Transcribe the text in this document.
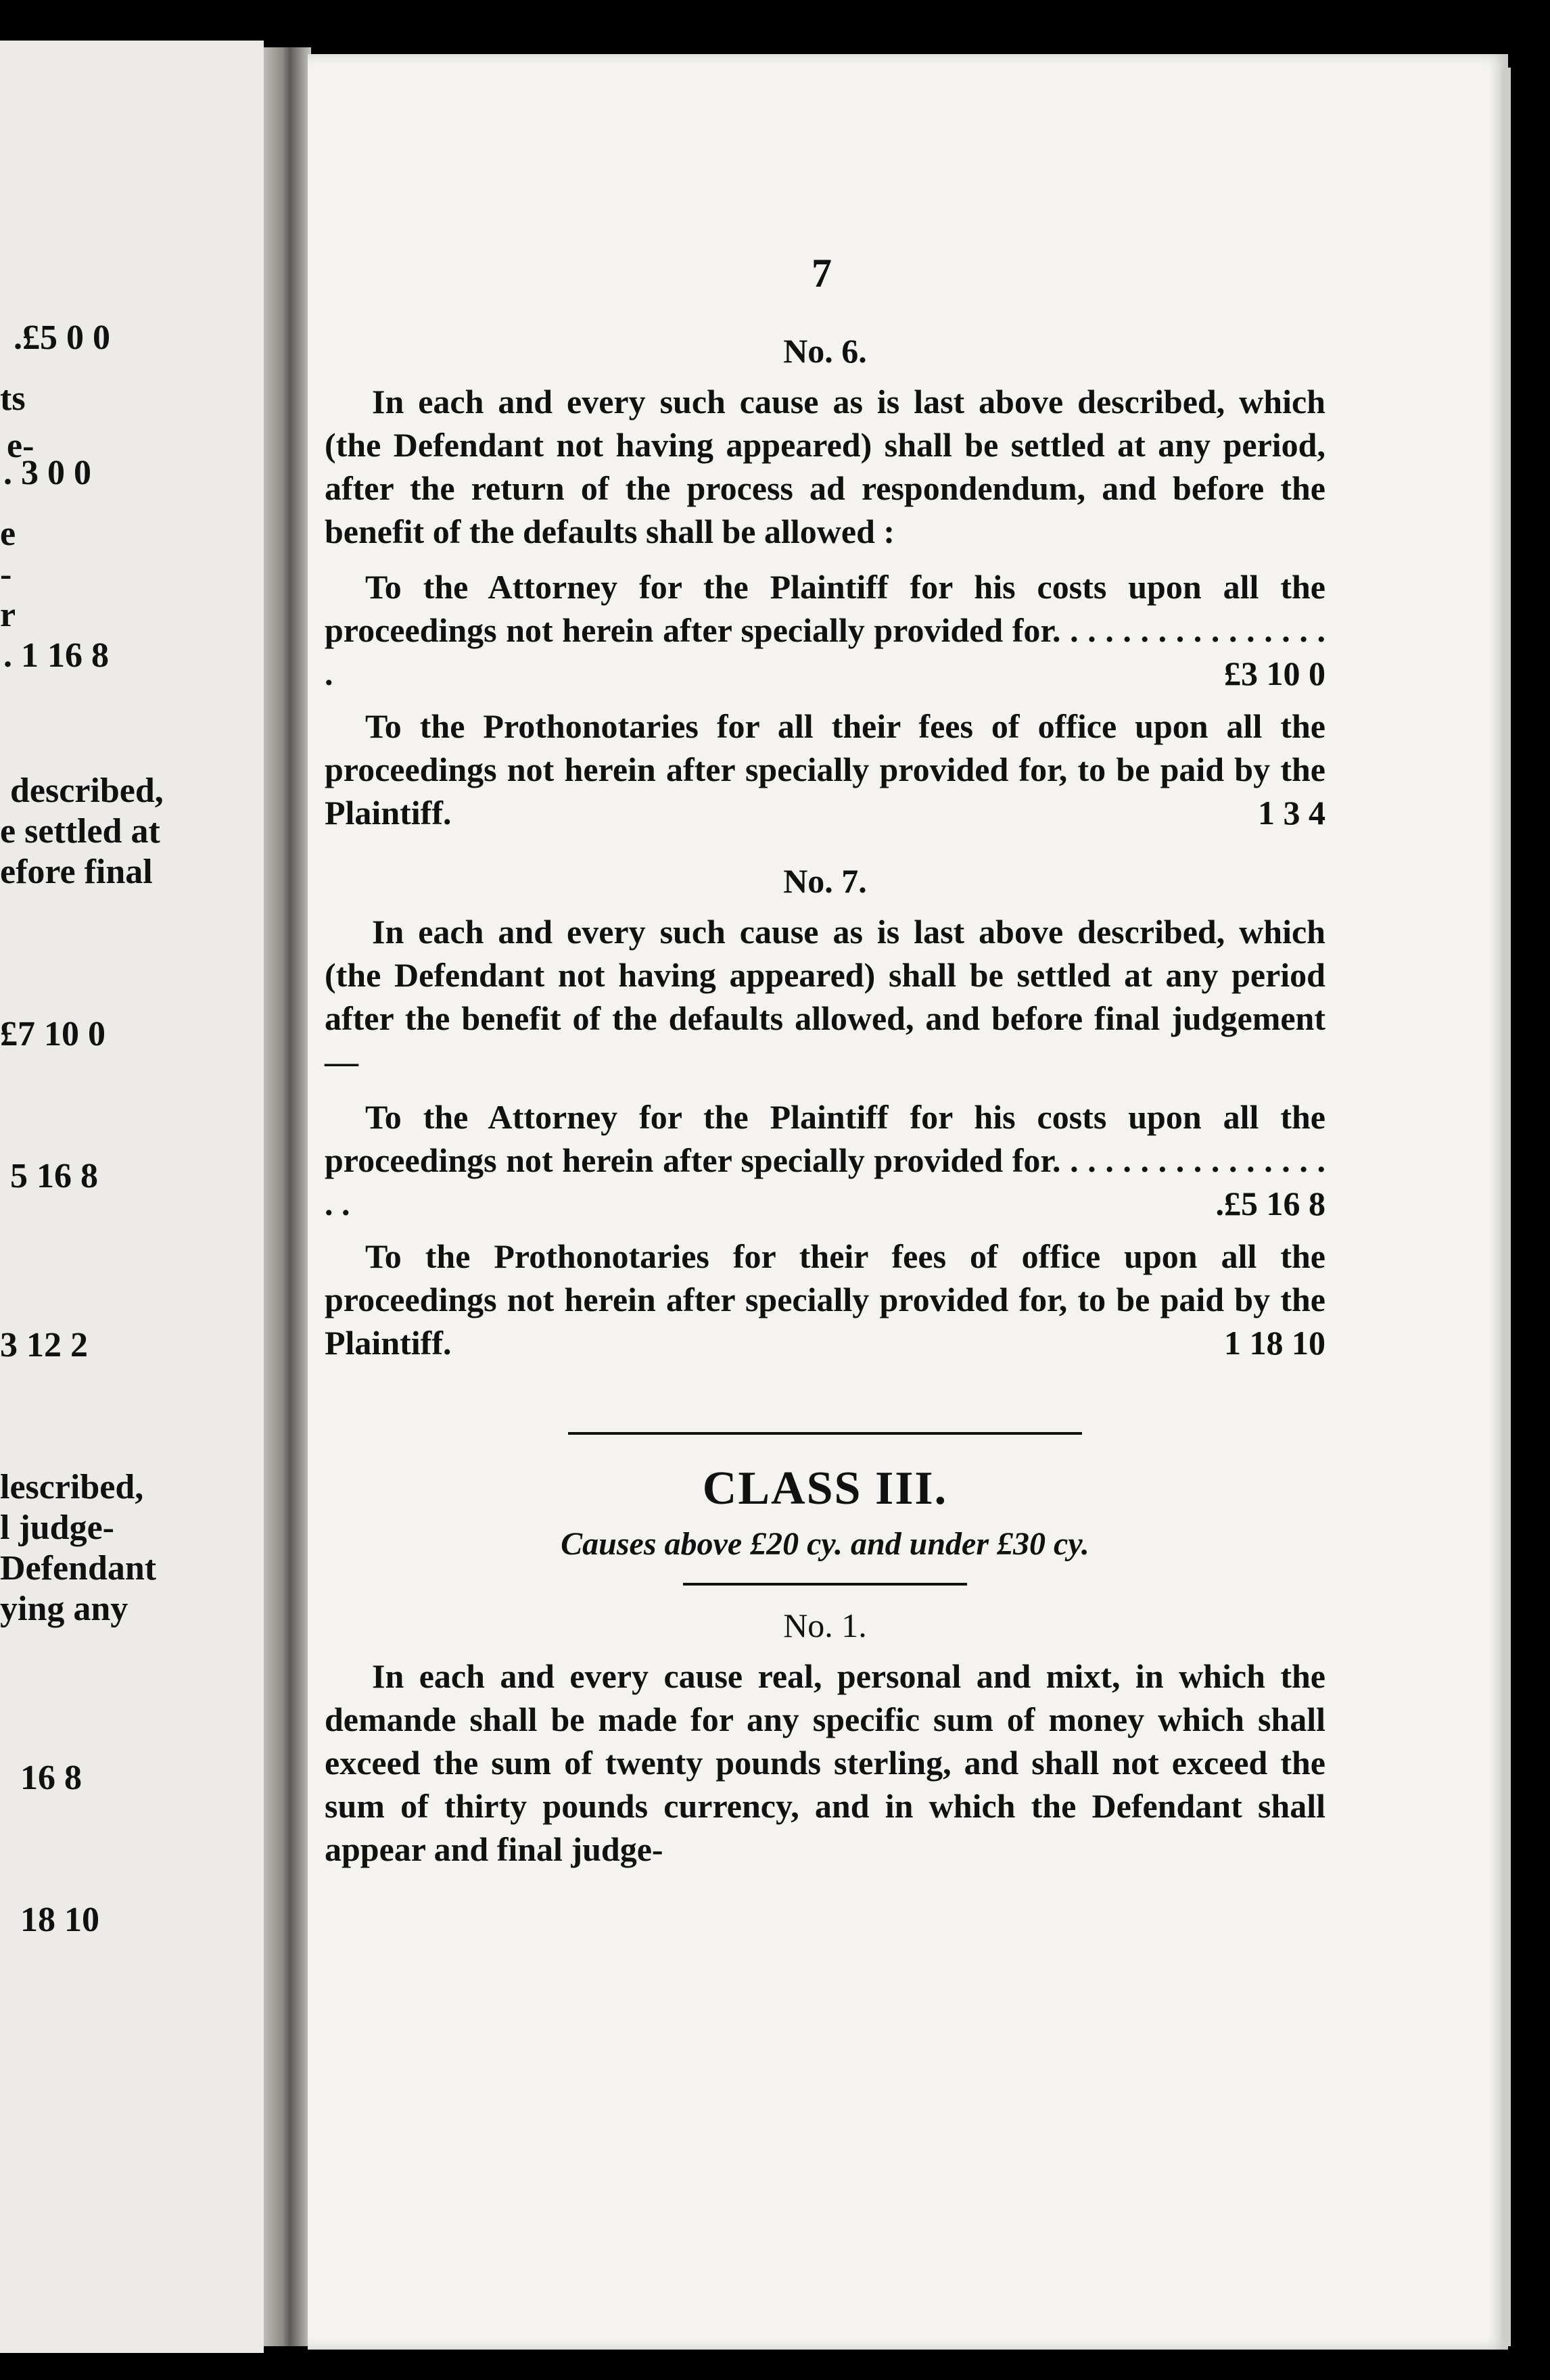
.£5 0 0
ts
e-
. 3 0 0
e
-
r
. 1 16 8
described,
e settled at
efore final
£7 10 0
5 16 8
3 12 2
lescribed,
l judge-
Defendant
ying any
16 8
18 10
7

No. 6.

In each and every such cause as is last above described, which (the Defendant not having appeared) shall be settled at any period, after the return of the process ad respondendum, and before the benefit of the defaults shall be allowed :

To the Attorney for the Plaintiff for his costs upon all the proceedings not herein after specially provided for. . . . . . . . . . . . . . . . .	£3 10 0

To the Prothonotaries for all their fees of office upon all the proceedings not herein after specially provided for, to be paid by the Plaintiff.	1 3 4

No. 7.

In each and every such cause as is last above described, which (the Defendant not having appeared) shall be settled at any period after the benefit of the defaults allowed, and before final judgement—

To the Attorney for the Plaintiff for his costs upon all the proceedings not herein after specially provided for. . . . . . . . . . . . . . . . . .	.£5 16 8

To the Prothonotaries for their fees of office upon all the proceedings not herein after specially provided for, to be paid by the Plaintiff.	1 18 10

CLASS III.

Causes above £20 cy. and under £30 cy.

No. 1.

In each and every cause real, personal and mixt, in which the demande shall be made for any specific sum of money which shall exceed the sum of twenty pounds sterling, and shall not exceed the sum of thirty pounds currency, and in which the Defendant shall appear and final judge-
